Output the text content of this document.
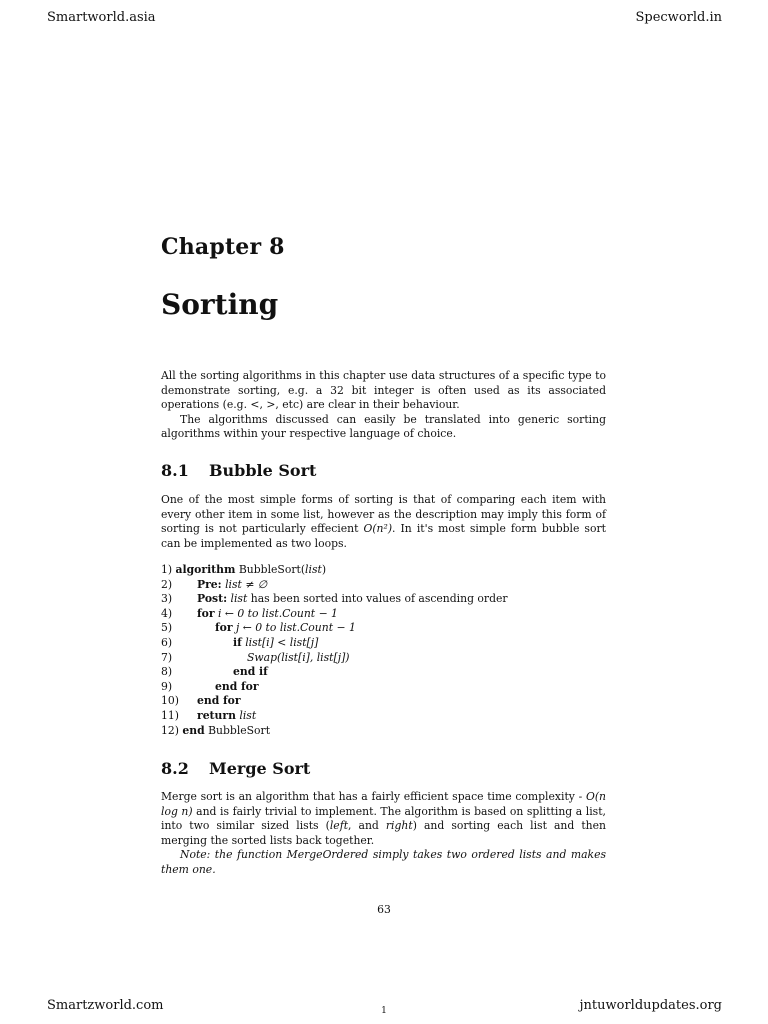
Smartworld.asia	Specworld.in
Chapter 8
Sorting

All the sorting algorithms in this chapter use data structures of a specific type to demonstrate sorting, e.g. a 32 bit integer is often used as its associated operations (e.g. <, >, etc) are clear in their behaviour.

The algorithms discussed can easily be translated into generic sorting algorithms within your respective language of choice.

8.1 Bubble Sort

One of the most simple forms of sorting is that of comparing each item with every other item in some list, however as the description may imply this form of sorting is not particularly effecient O(n²). In it's most simple form bubble sort can be implemented as two loops.

1) algorithm BubbleSort(list)
2) Pre: list ≠ ∅
3) Post: list has been sorted into values of ascending order
4) for i ← 0 to list.Count − 1
5)	for j ← 0 to list.Count − 1
6)	if list[i] < list[j]
7)	Swap(list[i], list[j])
8)	end if
9)	end for
10) end for
11) return list
12) end BubbleSort
8.2 Merge Sort

Merge sort is an algorithm that has a fairly efficient space time complexity - O(n log n) and is fairly trivial to implement. The algorithm is based on splitting a list, into two similar sized lists (left, and right) and sorting each list and then merging the sorted lists back together.

Note: the function MergeOrdered simply takes two ordered lists and makes them one.

63
Smartzworld.com	1	jntuworldupdates.org
